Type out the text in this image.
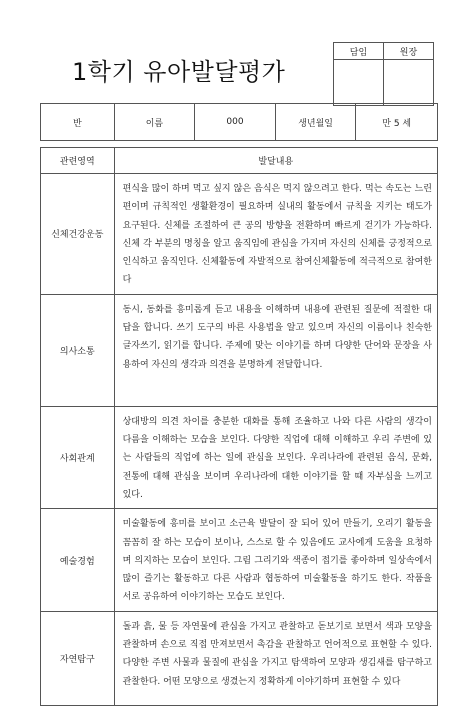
1학기 유아발달평가
담임	원장

반	이름	000	생년월일	만 5 세

관련영역	발달내용			
신체건강운동	편식을 많이 하며 먹고 싶지 않은 음식은 먹지 않으려고 한다. 먹는 속도는 느린 편이며 규칙적인 생활환경이 필요하며 실내의 활동에서 규칙을 지키는 태도가 요구된다. 신체를 조절하여 큰 공의 방향을 전환하며 빠르게 걷기가 가능하다. 신체 각 부분의 명칭을 알고 움직임에 관심을 가지며 자신의 신체를 긍정적으로 인식하고 움직인다. 신체활동에 자발적으로 참여신체활동에 적극적으로 참여한다			
의사소통	동시, 동화를 흥미롭게 듣고 내용을 이해하며 내용에 관련된 질문에 적절한 대답을 합니다. 쓰기 도구의 바른 사용법을 알고 있으며 자신의 이름이나 친숙한 글자쓰기, 읽기를 합니다. 주제에 맞는 이야기를 하며 다양한 단어와 문장을 사용하여 자신의 생각과 의견을 분명하게 전달합니다.			
사회관계	상대방의 의견 차이를 충분한 대화를 통해 조율하고 나와 다른 사람의 생각이 다름을 이해하는 모습을 보인다. 다양한 직업에 대해 이해하고 우리 주변에 있는 사람들의 직업에 하는 일에 관심을 보인다. 우리나라에 관련된 음식, 문화, 전통에 대해 관심을 보이며 우리나라에 대한 이야기를 할 때 자부심을 느끼고 있다.			
예술경험	미술활동에 흥미를 보이고 소근육 발달이 잘 되어 있어 만들기, 오리기 활동을 꼼꼼히 잘 하는 모습이 보이나, 스스로 할 수 있음에도 교사에게 도움을 요청하며 의지하는 모습이 보인다. 그림 그리기와 색종이 접기를 좋아하며 일상속에서 많이 즐기는 활동하고 다른 사람과 협동하여 미술활동을 하기도 한다. 작품을 서로 공유하여 이야기하는 모습도 보인다.			
자연탐구	돌과 흙, 물 등 자연물에 관심을 가지고 관찰하고 돋보기로 보면서 색과 모양을 관찰하며 손으로 직접 만져보면서 촉감을 관찰하고 언어적으로 표현할 수 있다. 다양한 주변 사물과 물질에 관심을 가지고 탐색하여 모양과 생김새를 탐구하고 관찰한다. 어떤 모양으로 생겼는지 정확하게 이야기하며 표현할 수 있다			
